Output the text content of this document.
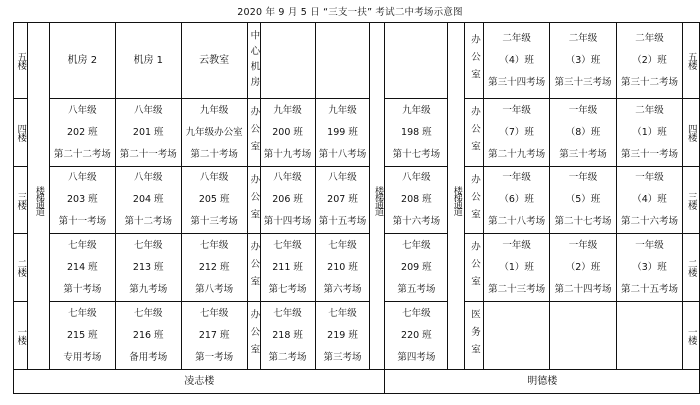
2020 年 9 月 5 日 “三支一扶” 考试二中考场示意图
五楼		机房 2	机房 1	云教室	中心机房						办公室	二年级
（4）班
第三十四考场	二年级
（3）班
第三十三考场	二年级
（2）班
第三十二考场	五楼

四楼		八年级
202 班
第二十二考场	八年级
201 班
第二十一考场	九年级
九年级办公室
第二十考场	办公室	九年级
200 班
第十九考场	九年级
199 班
第十八考场		九年级
198 班
第十七考场		办公室	一年级
（7）班
第二十九考场	一年级
（8）班
第三十考场	二年级
（1）班
第三十一考场	四楼

三楼	楼梯通道	八年级
203 班
第十一考场	八年级
204 班
第十二考场	八年级
205 班
第十三考场	办公室	八年级
206 班
第十四考场	八年级
207 班
第十五考场	楼梯通道	八年级
208 班
第十六考场	楼梯通道	办公室	一年级
（6）班
第二十八考场	一年级
（5）班
第二十七考场	一年级
（4）班
第二十六考场	三楼

二楼		七年级
214 班
第十考场	七年级
213 班
第九考场	七年级
212 班
第八考场	办公室	七年级
211 班
第七考场	七年级
210 班
第六考场		七年级
209 班
第五考场		办公室	一年级
（1）班
第二十三考场	一年级
（2）班
第二十四考场	一年级
（3）班
第二十五考场	二楼

一楼		七年级
215 班
专用考场	七年级
216 班
备用考场	七年级
217 班
第一考场	办公室	七年级
218 班
第二考场	七年级
219 班
第三考场		七年级
220 班
第四考场		医务室				一楼

凌志楼									明德楼						
